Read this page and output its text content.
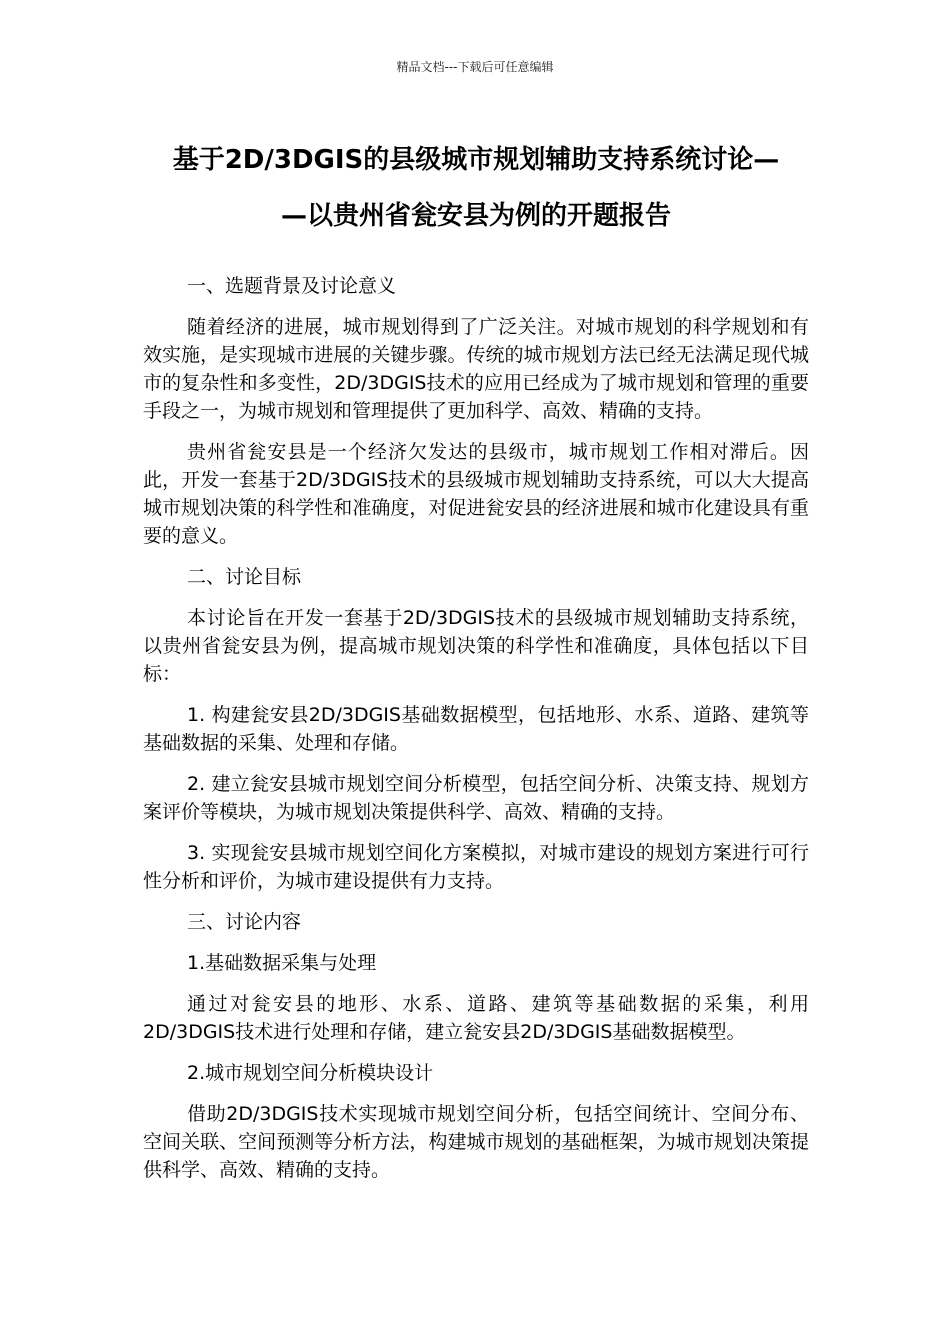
精品文档---下载后可任意编辑
基于2D/3DGIS的县级城市规划辅助支持系统讨论—
—以贵州省瓮安县为例的开题报告

一、选题背景及讨论意义

随着经济的进展，城市规划得到了广泛关注。对城市规划的科学规划和有效实施，是实现城市进展的关键步骤。传统的城市规划方法已经无法满足现代城市的复杂性和多变性，2D/3DGIS技术的应用已经成为了城市规划和管理的重要手段之一，为城市规划和管理提供了更加科学、高效、精确的支持。

贵州省瓮安县是一个经济欠发达的县级市，城市规划工作相对滞后。因此，开发一套基于2D/3DGIS技术的县级城市规划辅助支持系统，可以大大提高城市规划决策的科学性和准确度，对促进瓮安县的经济进展和城市化建设具有重要的意义。

二、讨论目标

本讨论旨在开发一套基于2D/3DGIS技术的县级城市规划辅助支持系统，以贵州省瓮安县为例，提高城市规划决策的科学性和准确度，具体包括以下目标：

1. 构建瓮安县2D/3DGIS基础数据模型，包括地形、水系、道路、建筑等基础数据的采集、处理和存储。

2. 建立瓮安县城市规划空间分析模型，包括空间分析、决策支持、规划方案评价等模块，为城市规划决策提供科学、高效、精确的支持。

3. 实现瓮安县城市规划空间化方案模拟，对城市建设的规划方案进行可行性分析和评价，为城市建设提供有力支持。

三、讨论内容

1.基础数据采集与处理

通过对瓮安县的地形、水系、道路、建筑等基础数据的采集，利用2D/3DGIS技术进行处理和存储，建立瓮安县2D/3DGIS基础数据模型。

2.城市规划空间分析模块设计

借助2D/3DGIS技术实现城市规划空间分析，包括空间统计、空间分布、空间关联、空间预测等分析方法，构建城市规划的基础框架，为城市规划决策提供科学、高效、精确的支持。
